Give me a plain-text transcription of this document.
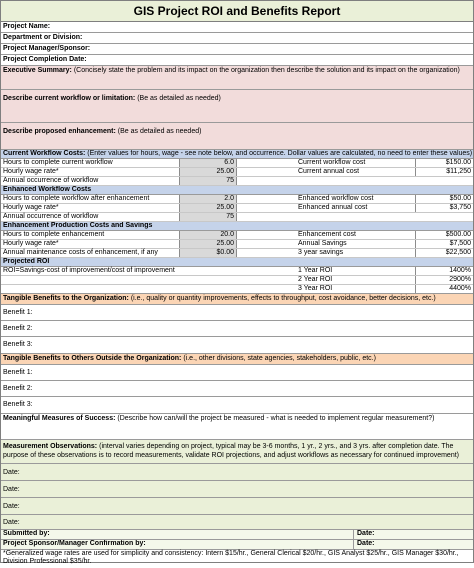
GIS Project ROI and Benefits Report
Project Name:
Department or Division:
Project Manager/Sponsor:
Project Completion Date:
Executive Summary: (Concisely state the problem and its impact on the organization then describe the solution and its impact on the organization)
Describe current workflow or limitation: (Be as detailed as needed)
Describe proposed enhancement: (Be as detailed as needed)
Current Workflow Costs: (Enter values for hours, wage - see note below, and occurrence. Dollar values are calculated, no need to enter these values)
Hours to complete current workflow	6.0	Current workflow cost	$150.00
Hourly wage rate*	25.00	Current annual cost	$11,250
Annual occurrence of workflow	75
Enhanced Workflow Costs
Hours to complete workflow after enhancement	2.0	Enhanced workflow cost	$50.00
Hourly wage rate*	25.00	Enhanced annual cost	$3,750
Annual occurrence of workflow	75
Enhancement Production Costs and Savings
Hours to complete enhancement	20.0	Enhancement cost	$500.00
Hourly wage rate*	25.00	Annual Savings	$7,500
Annual maintenance costs of enhancement, if any	$0.00	3 year savings	$22,500
Projected ROI
ROI=Savings-cost of improvement/cost of improvement	1 Year ROI	1400%
2 Year ROI	2900%
3 Year ROI	4400%
Tangible Benefits to the Organization: (i.e., quality or quantity improvements, effects to throughput, cost avoidance, better decisions, etc.)
Benefit 1:
Benefit 2:
Benefit 3:
Tangible Benefits to Others Outside the Organization: (i.e., other divisions, state agencies, stakeholders, public, etc.)
Benefit 1:
Benefit 2:
Benefit 3:
Meaningful Measures of Success: (Describe how can/will the project be measured - what is needed to implement regular measurement?)
Measurement Observations: (interval varies depending on project, typical may be 3-6 months, 1 yr., 2 yrs., and 3 yrs. after completion date. The
purpose of these observations is to record measurements, validate ROI projections, and adjust workflows as necessary for continued improvement)
Date:
Date:
Date:
Date:
Submitted by:	Date:
Project Sponsor/Manager Confirmation by:	Date:
*Generalized wage rates are used for simplicity and consistency: Intern $15/hr., General Clerical $20/hr., GIS Analyst $25/hr., GIS Manager $30/hr.,
Division Professional $35/hr.
